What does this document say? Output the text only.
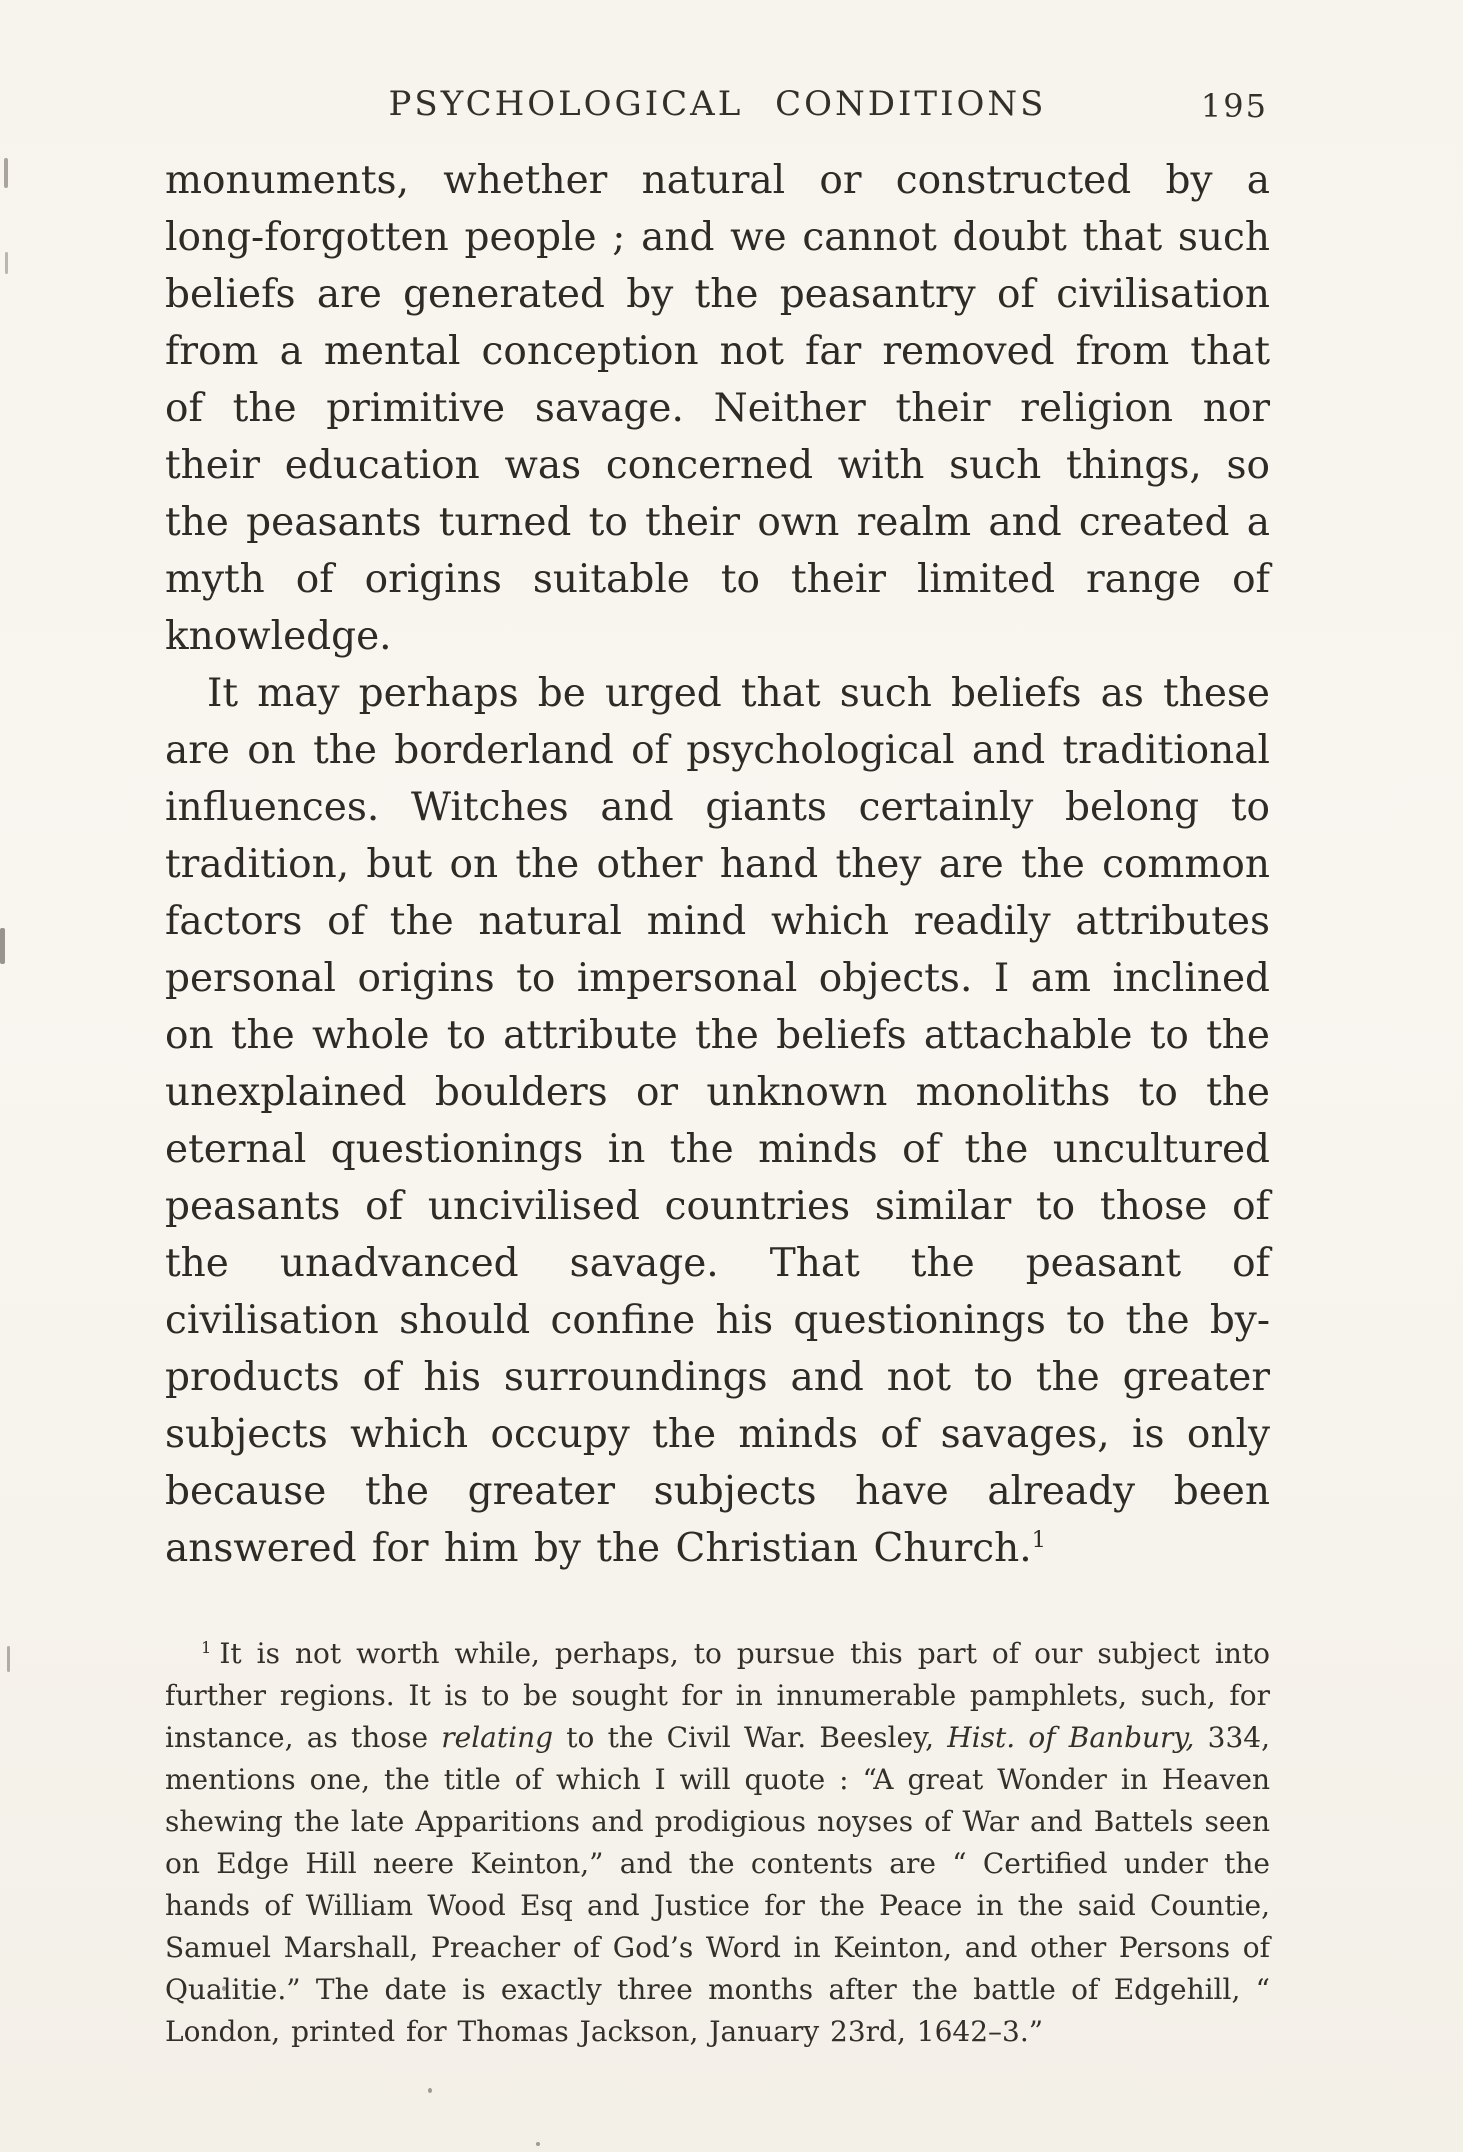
PSYCHOLOGICAL CONDITIONS	195

monuments, whether natural or constructed by a long-forgotten people ; and we cannot doubt that such beliefs are generated by the peasantry of civilisation from a mental conception not far removed from that of the primitive savage. Neither their religion nor their education was concerned with such things, so the peasants turned to their own realm and created a myth of origins suitable to their limited range of knowledge.

It may perhaps be urged that such beliefs as these are on the borderland of psychological and traditional influences. Witches and giants certainly belong to tradition, but on the other hand they are the common factors of the natural mind which readily attributes personal origins to impersonal objects. I am inclined on the whole to attribute the beliefs attachable to the unexplained boulders or unknown monoliths to the eternal questionings in the minds of the uncultured peasants of uncivilised countries similar to those of the unadvanced savage. That the peasant of civilisation should confine his questionings to the by-products of his surroundings and not to the greater subjects which occupy the minds of savages, is only because the greater subjects have already been answered for him by the Christian Church.$^1$

$^1$ It is not worth while, perhaps, to pursue this part of our subject into further regions. It is to be sought for in innumerable pamphlets, such, for instance, as those relating to the Civil War. Beesley, Hist. of Banbury, 334, mentions one, the title of which I will quote : “A great Wonder in Heaven shewing the late Apparitions and prodigious noyses of War and Battels seen on Edge Hill neere Keinton,” and the contents are “ Certified under the hands of William Wood Esq and Justice for the Peace in the said Countie, Samuel Marshall, Preacher of God’s Word in Keinton, and other Persons of Qualitie.” The date is exactly three months after the battle of Edgehill, “ London, printed for Thomas Jackson, January 23rd, 1642–3.”
